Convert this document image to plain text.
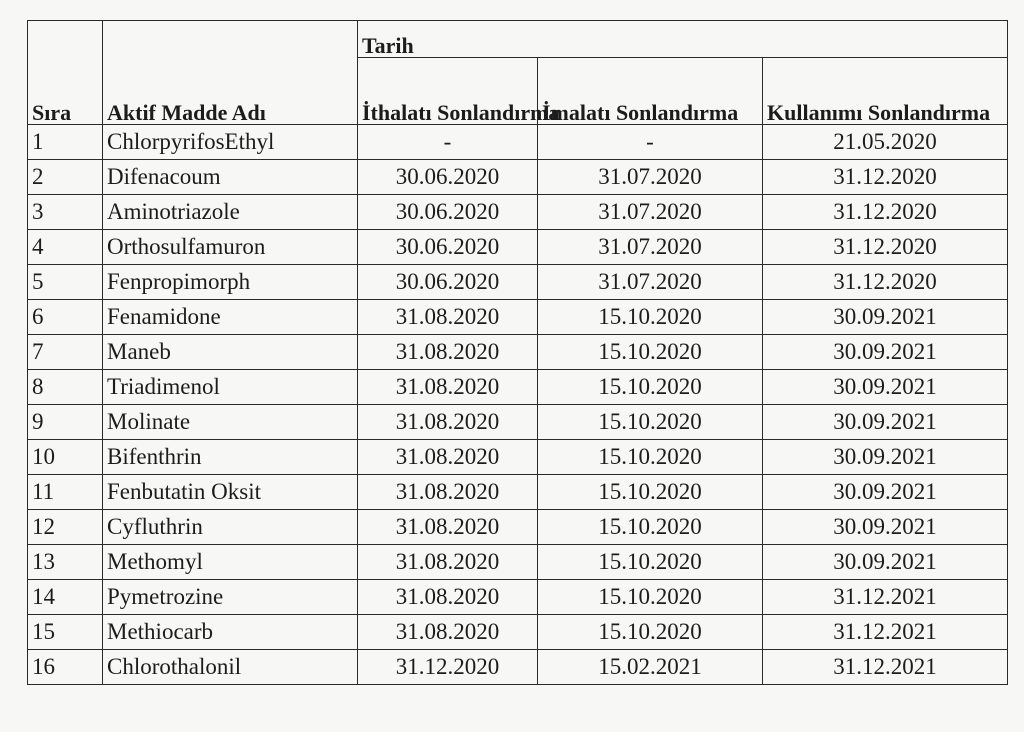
Sıra	Aktif Madde Adı	Tarih		
		İthalatı Sonlandırma	İmalatı Sonlandırma	Kullanımı Sonlandırma
1	ChlorpyrifosEthyl	-	-	21.05.2020
2	Difenacoum	30.06.2020	31.07.2020	31.12.2020
3	Aminotriazole	30.06.2020	31.07.2020	31.12.2020
4	Orthosulfamuron	30.06.2020	31.07.2020	31.12.2020
5	Fenpropimorph	30.06.2020	31.07.2020	31.12.2020
6	Fenamidone	31.08.2020	15.10.2020	30.09.2021
7	Maneb	31.08.2020	15.10.2020	30.09.2021
8	Triadimenol	31.08.2020	15.10.2020	30.09.2021
9	Molinate	31.08.2020	15.10.2020	30.09.2021
10	Bifenthrin	31.08.2020	15.10.2020	30.09.2021
11	Fenbutatin Oksit	31.08.2020	15.10.2020	30.09.2021
12	Cyfluthrin	31.08.2020	15.10.2020	30.09.2021
13	Methomyl	31.08.2020	15.10.2020	30.09.2021
14	Pymetrozine	31.08.2020	15.10.2020	31.12.2021
15	Methiocarb	31.08.2020	15.10.2020	31.12.2021
16	Chlorothalonil	31.12.2020	15.02.2021	31.12.2021
